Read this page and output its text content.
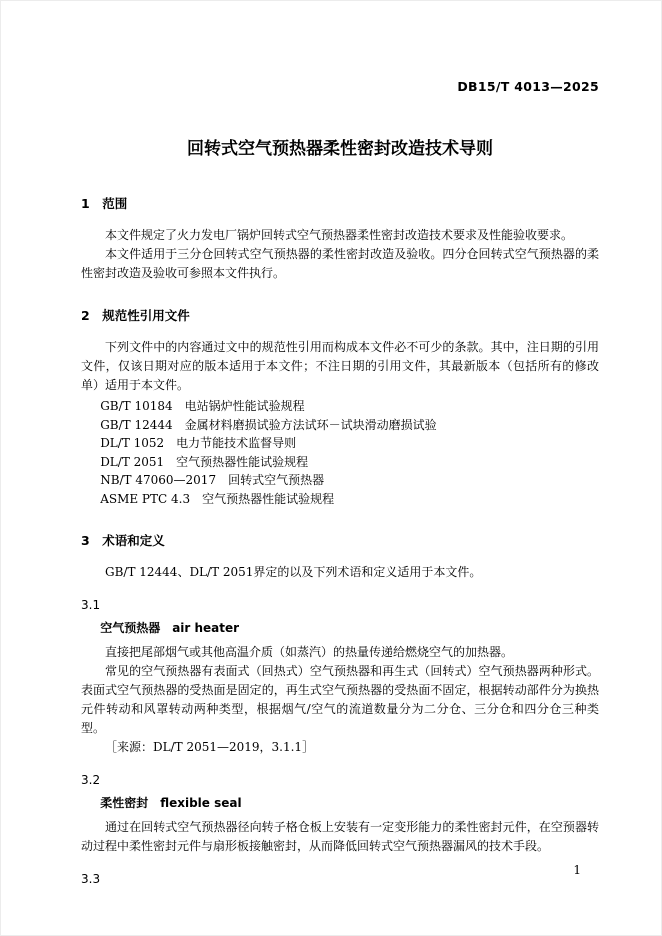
DB15/T 4013—2025
回转式空气预热器柔性密封改造技术导则
1　范围

本文件规定了火力发电厂锅炉回转式空气预热器柔性密封改造技术要求及性能验收要求。

本文件适用于三分仓回转式空气预热器的柔性密封改造及验收。四分仓回转式空气预热器的柔性密封改造及验收可参照本文件执行。

2　规范性引用文件

下列文件中的内容通过文中的规范性引用而构成本文件必不可少的条款。其中，注日期的引用文件，仅该日期对应的版本适用于本文件；不注日期的引用文件，其最新版本（包括所有的修改单）适用于本文件。

GB/T 10184　电站锅炉性能试验规程

GB/T 12444　金属材料磨损试验方法试环－试块滑动磨损试验

DL/T 1052　电力节能技术监督导则

DL/T 2051　空气预热器性能试验规程

NB/T 47060—2017　回转式空气预热器

ASME PTC 4.3　空气预热器性能试验规程

3　术语和定义

GB/T 12444、DL/T 2051界定的以及下列术语和定义适用于本文件。

3.1

空气预热器　air heater

直接把尾部烟气或其他高温介质（如蒸汽）的热量传递给燃烧空气的加热器。

常见的空气预热器有表面式（回热式）空气预热器和再生式（回转式）空气预热器两种形式。表面式空气预热器的受热面是固定的，再生式空气预热器的受热面不固定，根据转动部件分为换热元件转动和风罩转动两种类型，根据烟气/空气的流道数量分为二分仓、三分仓和四分仓三种类型。

［来源：DL/T 2051—2019，3.1.1］

3.2

柔性密封　flexible seal

通过在回转式空气预热器径向转子格仓板上安装有一定变形能力的柔性密封元件，在空预器转动过程中柔性密封元件与扇形板接触密封，从而降低回转式空气预热器漏风的技术手段。

3.3

1
